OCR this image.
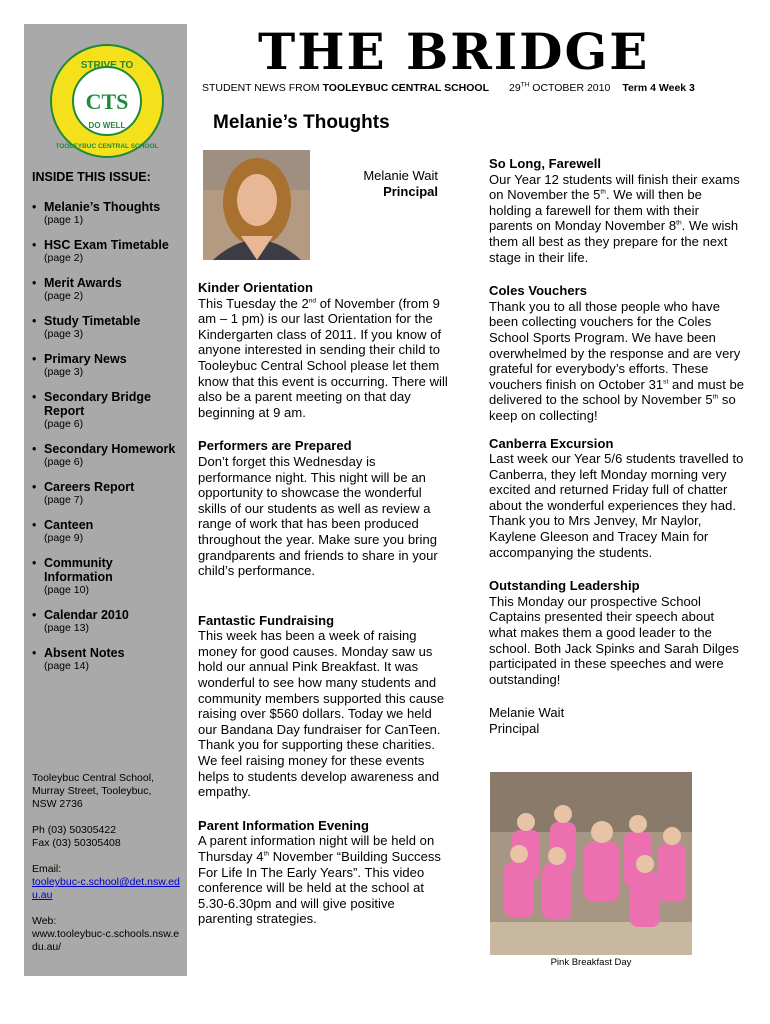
STRIVE TO
CTS
DO WELL
TOOLEYBUC CENTRAL SCHOOL
INSIDE THIS ISSUE:
• Melanie’s Thoughts
(page 1)
• HSC Exam Timetable
(page 2)
• Merit Awards
(page 2)
• Study Timetable
(page 3)
• Primary News
(page 3)
• Secondary Bridge Report
(page 6)
• Secondary Homework
(page 6)
• Careers Report
(page 7)
• Canteen
(page 9)
• Community Information
(page 10)
• Calendar 2010
(page 13)
• Absent Notes
(page 14)

Tooleybuc Central School,
Murray Street, Tooleybuc,
NSW 2736

Ph (03) 50305422
Fax (03) 50305408

Email:
tooleybuc-c.school@det.nsw.edu.au

Web:
www.tooleybuc-c.schools.nsw.edu.au/

THE BRIDGE
STUDENT NEWS FROM TOOLEYBUC CENTRAL SCHOOL 29TH OCTOBER 2010 Term 4 Week 3
Melanie’s Thoughts
Melanie Wait
Principal
Kinder Orientation

This Tuesday the 2nd of November (from 9 am – 1 pm) is our last Orientation for the Kindergarten class of 2011. If you know of anyone interested in sending their child to Tooleybuc Central School please let them know that this event is occurring. There will also be a parent meeting on that day beginning at 9 am.

Performers are Prepared

Don’t forget this Wednesday is performance night. This night will be an opportunity to showcase the wonderful skills of our students as well as review a range of work that has been produced throughout the year. Make sure you bring grandparents and friends to share in your child’s performance.

Fantastic Fundraising

This week has been a week of raising money for good causes. Monday saw us hold our annual Pink Breakfast. It was wonderful to see how many students and community members supported this cause raising over $560 dollars. Today we held our Bandana Day fundraiser for CanTeen. Thank you for supporting these charities. We feel raising money for these events helps to students develop awareness and empathy.

Parent Information Evening

A parent information night will be held on Thursday 4th November “Building Success For Life In The Early Years”. This video conference will be held at the school at 5.30-6.30pm and will give positive parenting strategies.

So Long, Farewell

Our Year 12 students will finish their exams on November the 5th. We will then be holding a farewell for them with their parents on Monday November 8th. We wish them all best as they prepare for the next stage in their life.

Coles Vouchers

Thank you to all those people who have been collecting vouchers for the Coles School Sports Program. We have been overwhelmed by the response and are very grateful for everybody’s efforts. These vouchers finish on October 31st and must be delivered to the school by November 5th so keep on collecting!

Canberra Excursion

Last week our Year 5/6 students travelled to Canberra, they left Monday morning very excited and returned Friday full of chatter about the wonderful experiences they had. Thank you to Mrs Jenvey, Mr Naylor, Kaylene Gleeson and Tracey Main for accompanying the students.

Outstanding Leadership

This Monday our prospective School Captains presented their speech about what makes them a good leader to the school. Both Jack Spinks and Sarah Dilges participated in these speeches and were outstanding!

Melanie Wait

Principal

Pink Breakfast Day
